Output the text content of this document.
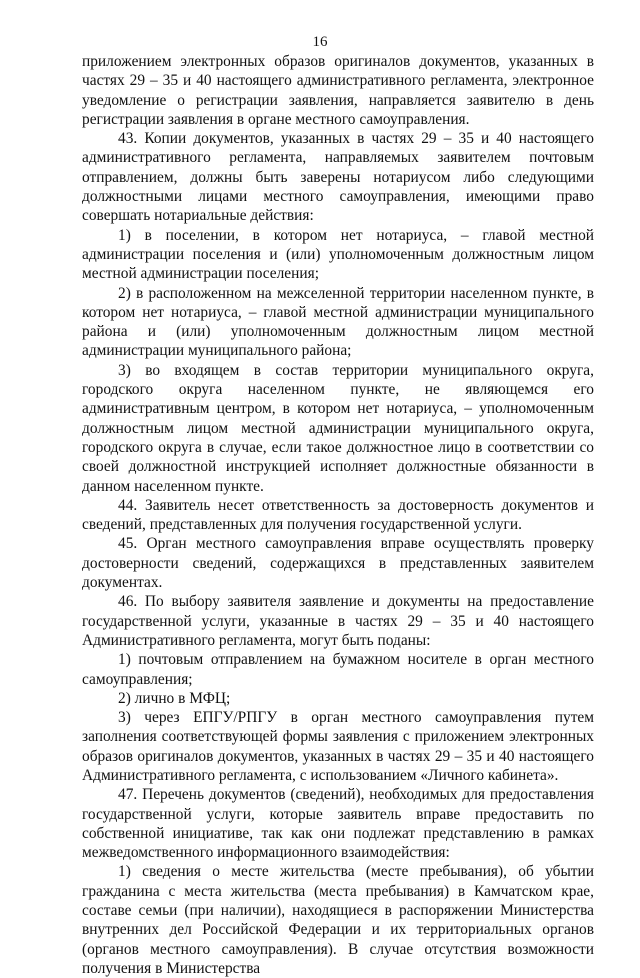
16

приложением электронных образов оригиналов документов, указанных в частях 29 – 35 и 40 настоящего административного регламента, электронное уведомление о регистрации заявления, направляется заявителю в день регистрации заявления в органе местного самоуправления.

43. Копии документов, указанных в частях 29 – 35 и 40 настоящего административного регламента, направляемых заявителем почтовым отправлением, должны быть заверены нотариусом либо следующими должностными лицами местного самоуправления, имеющими право совершать нотариальные действия:

1) в поселении, в котором нет нотариуса, – главой местной администрации поселения и (или) уполномоченным должностным лицом местной администрации поселения;

2) в расположенном на межселенной территории населенном пункте, в котором нет нотариуса, – главой местной администрации муниципального района и (или) уполномоченным должностным лицом местной администрации муниципального района;

3) во входящем в состав территории муниципального округа, городского округа населенном пункте, не являющемся его административным центром, в котором нет нотариуса, – уполномоченным должностным лицом местной администрации муниципального округа, городского округа в случае, если такое должностное лицо в соответствии со своей должностной инструкцией исполняет должностные обязанности в данном населенном пункте.

44. Заявитель несет ответственность за достоверность документов и сведений, представленных для получения государственной услуги.

45. Орган местного самоуправления вправе осуществлять проверку достоверности сведений, содержащихся в представленных заявителем документах.

46. По выбору заявителя заявление и документы на предоставление государственной услуги, указанные в частях 29 – 35 и 40 настоящего Административного регламента, могут быть поданы:

1) почтовым отправлением на бумажном носителе в орган местного самоуправления;

2) лично в МФЦ;

3) через ЕПГУ/РПГУ в орган местного самоуправления путем заполнения соответствующей формы заявления с приложением электронных образов оригиналов документов, указанных в частях 29 – 35 и 40 настоящего Административного регламента, с использованием «Личного кабинета».

47. Перечень документов (сведений), необходимых для предоставления государственной услуги, которые заявитель вправе предоставить по собственной инициативе, так как они подлежат представлению в рамках межведомственного информационного взаимодействия:

1) сведения о месте жительства (месте пребывания), об убытии гражданина с места жительства (места пребывания) в Камчатском крае, составе семьи (при наличии), находящиеся в распоряжении Министерства внутренних дел Российской Федерации и их территориальных органов (органов местного самоуправления). В случае отсутствия возможности получения в Министерства
